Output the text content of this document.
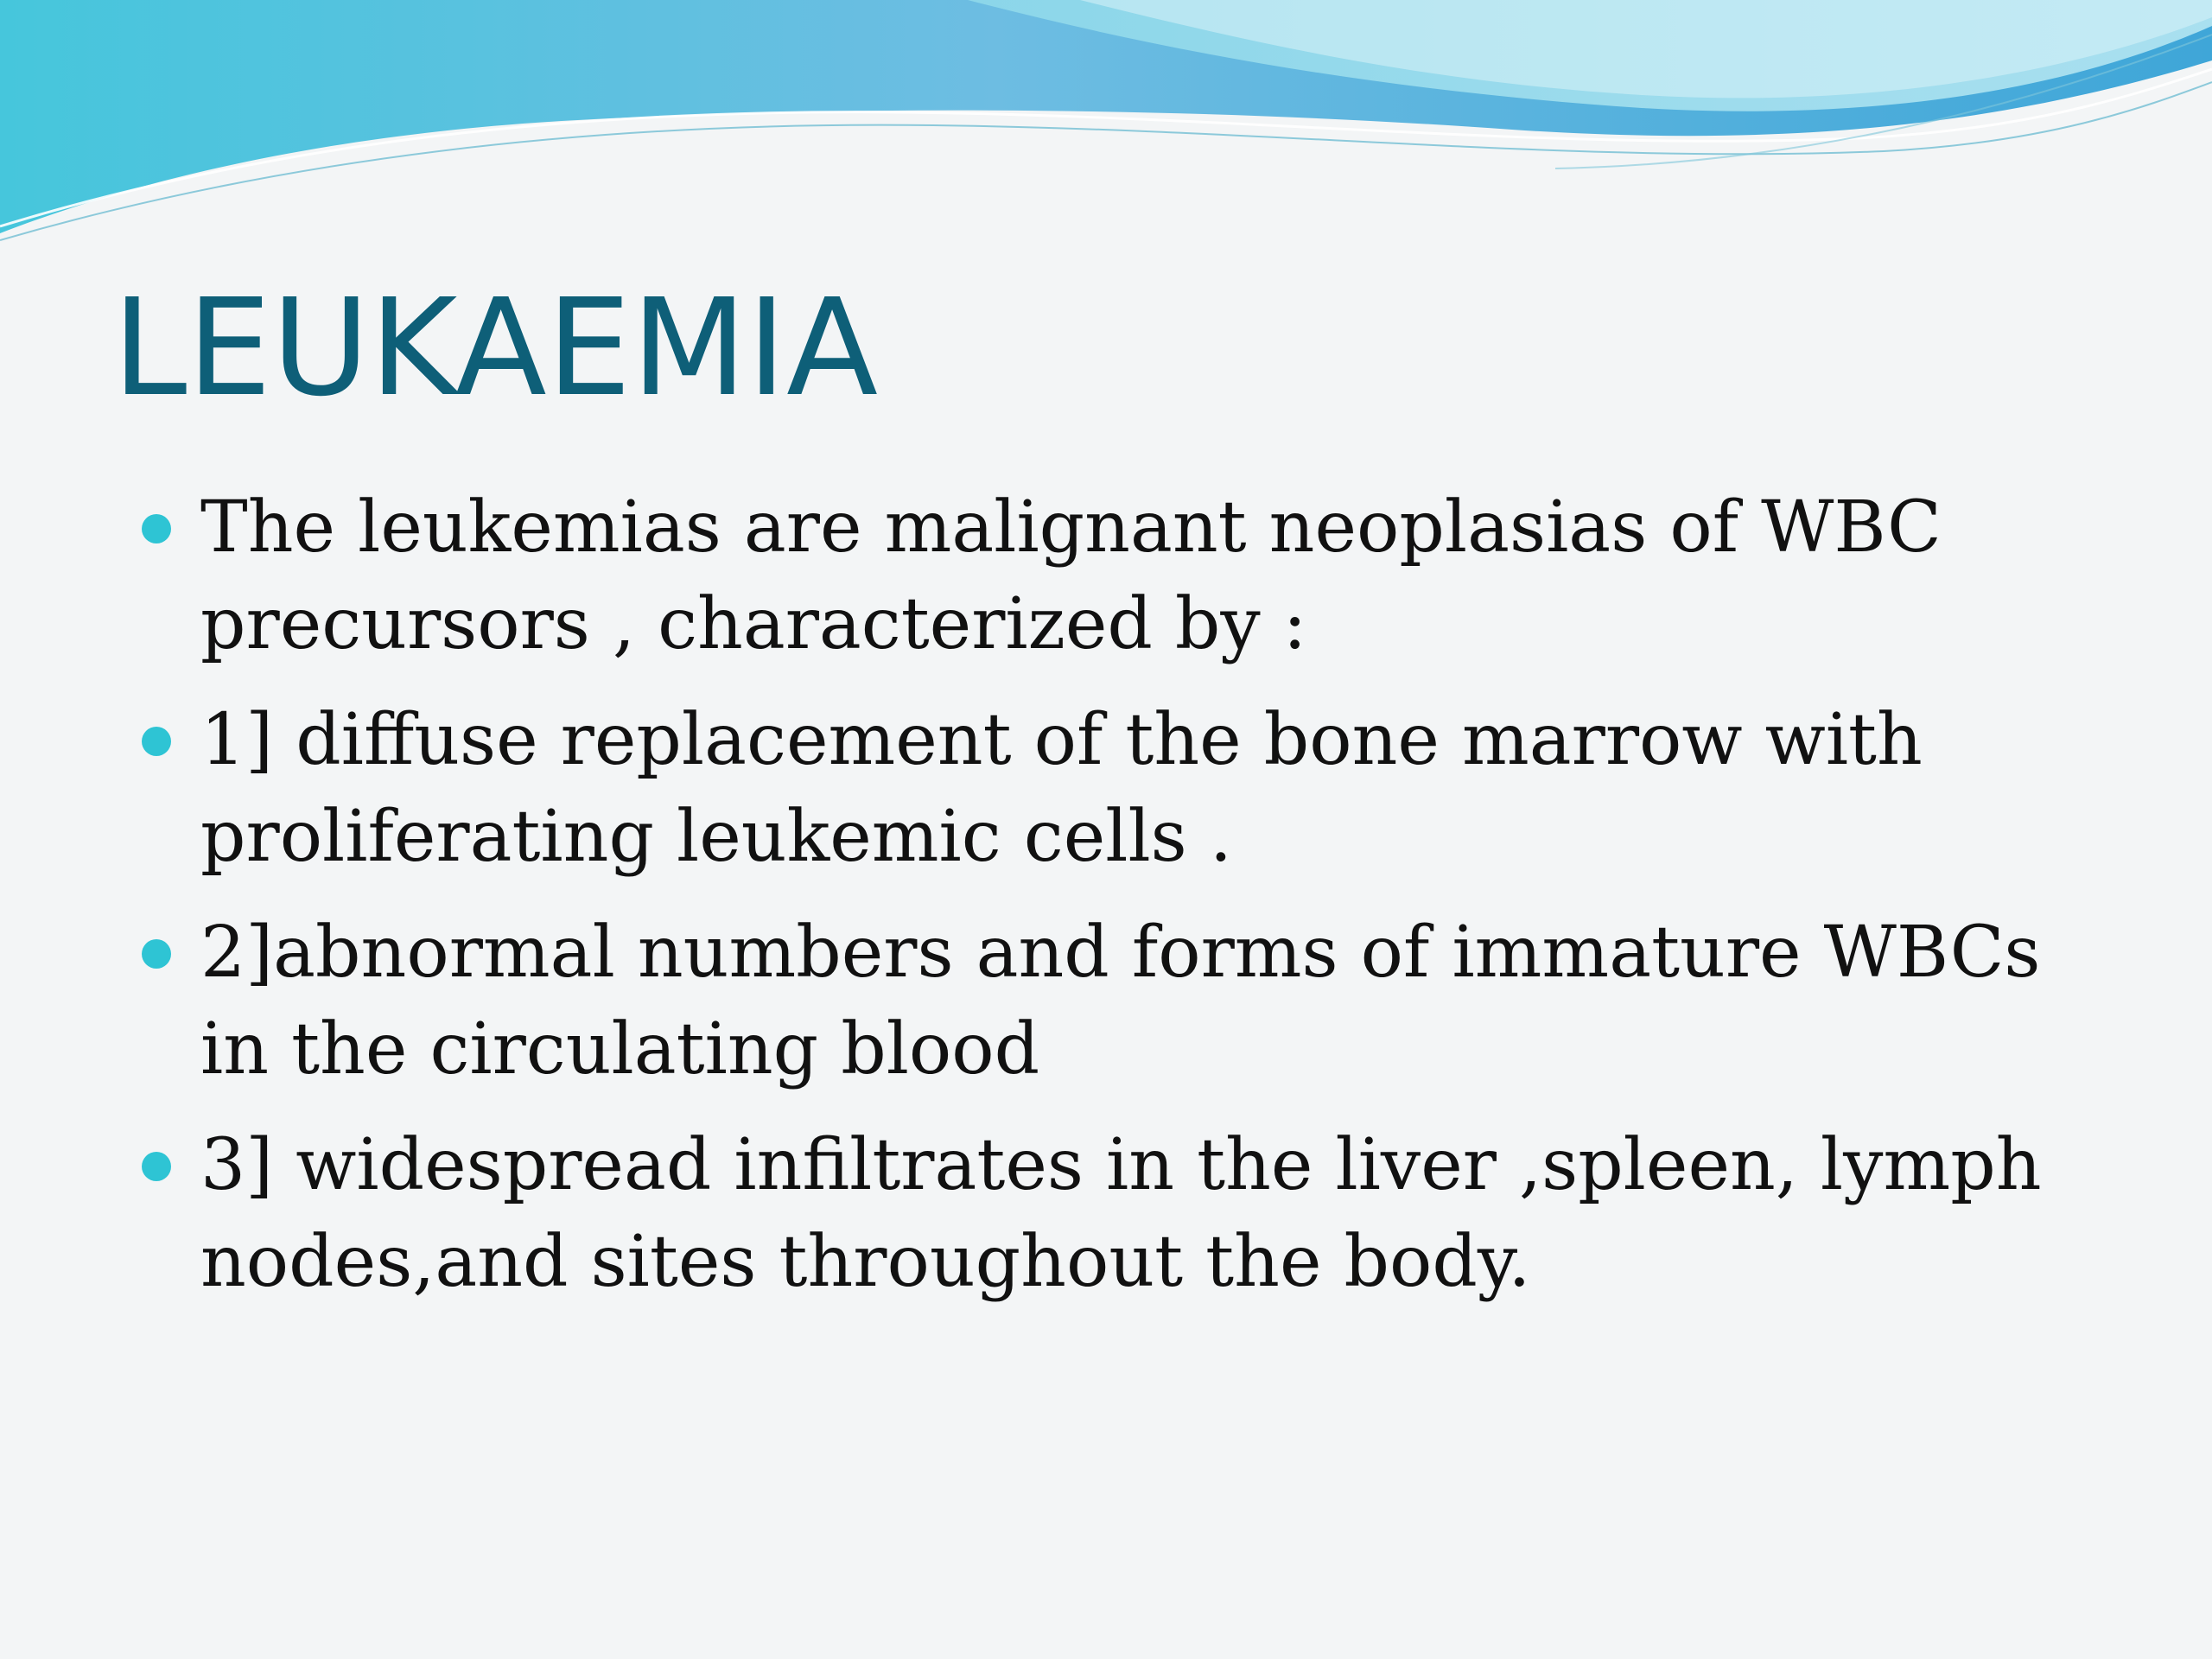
LEUKAEMIA
The leukemias are malignant neoplasias of WBC precursors , characterized by :
1] diffuse replacement of the bone marrow with proliferating leukemic cells .
2]abnormal numbers and forms of immature WBCs in the circulating blood
3] widespread infiltrates in the liver ,spleen, lymph nodes,and sites throughout the body.
